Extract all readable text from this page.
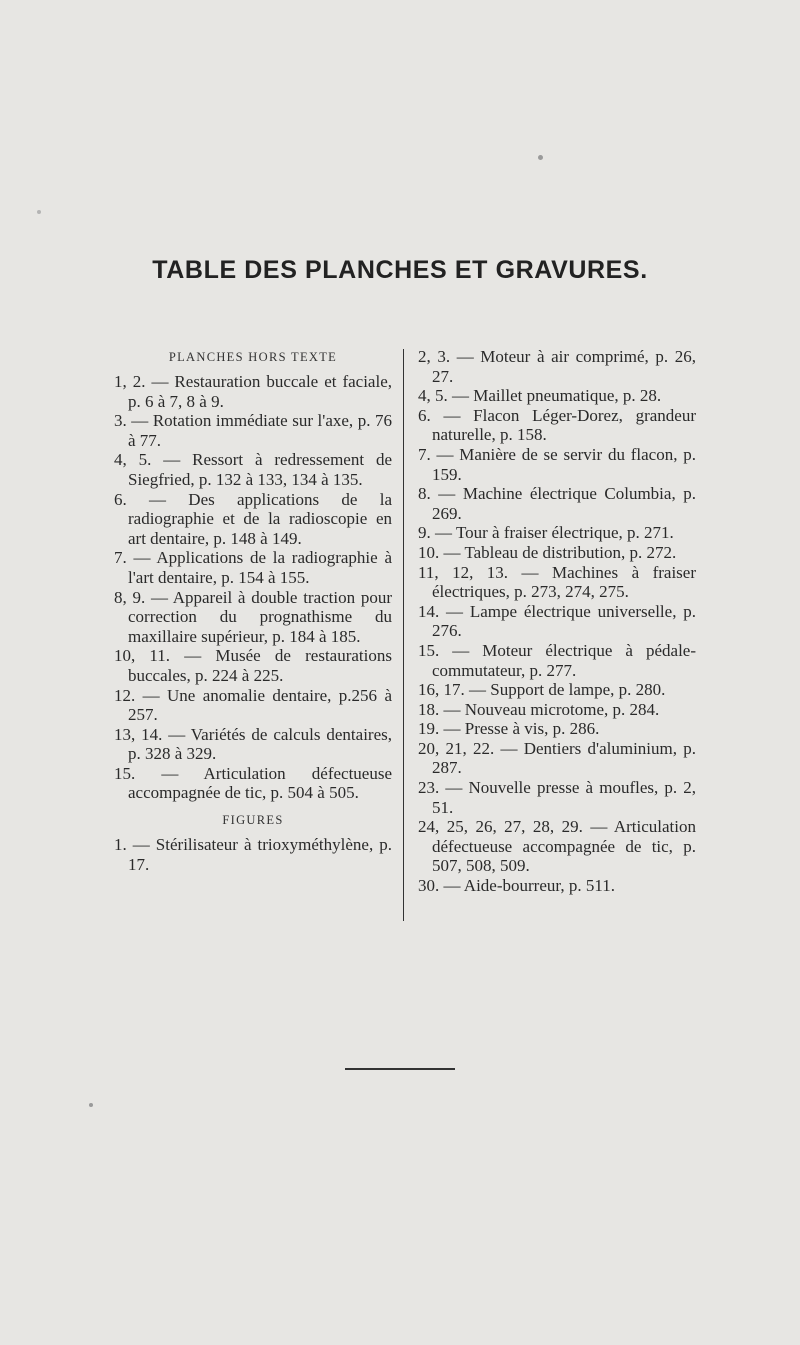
TABLE DES PLANCHES ET GRAVURES.
PLANCHES HORS TEXTE

1, 2. — Restauration buccale et faciale, p. 6 à 7, 8 à 9.

3. — Rotation immédiate sur l'axe, p. 76 à 77.

4, 5. — Ressort à redressement de Siegfried, p. 132 à 133, 134 à 135.

6. — Des applications de la radiographie et de la radioscopie en art dentaire, p. 148 à 149.

7. — Applications de la radiographie à l'art dentaire, p. 154 à 155.

8, 9. — Appareil à double traction pour correction du prognathisme du maxillaire supérieur, p. 184 à 185.

10, 11. — Musée de restaurations buccales, p. 224 à 225.

12. — Une anomalie dentaire, p.256 à 257.

13, 14. — Variétés de calculs dentaires, p. 328 à 329.

15. — Articulation défectueuse accompagnée de tic, p. 504 à 505.

FIGURES

1. — Stérilisateur à trioxyméthylène, p. 17.

2, 3. — Moteur à air comprimé, p. 26, 27.

4, 5. — Maillet pneumatique, p. 28.

6. — Flacon Léger-Dorez, grandeur naturelle, p. 158.

7. — Manière de se servir du flacon, p. 159.

8. — Machine électrique Columbia, p. 269.

9. — Tour à fraiser électrique, p. 271.

10. — Tableau de distribution, p. 272.

11, 12, 13. — Machines à fraiser électriques, p. 273, 274, 275.

14. — Lampe électrique universelle, p. 276.

15. — Moteur électrique à pédale-commutateur, p. 277.

16, 17. — Support de lampe, p. 280.

18. — Nouveau microtome, p. 284.

19. — Presse à vis, p. 286.

20, 21, 22. — Dentiers d'aluminium, p. 287.

23. — Nouvelle presse à moufles, p. 2, 51.

24, 25, 26, 27, 28, 29. — Articulation défectueuse accompagnée de tic, p. 507, 508, 509.

30. — Aide-bourreur, p. 511.
